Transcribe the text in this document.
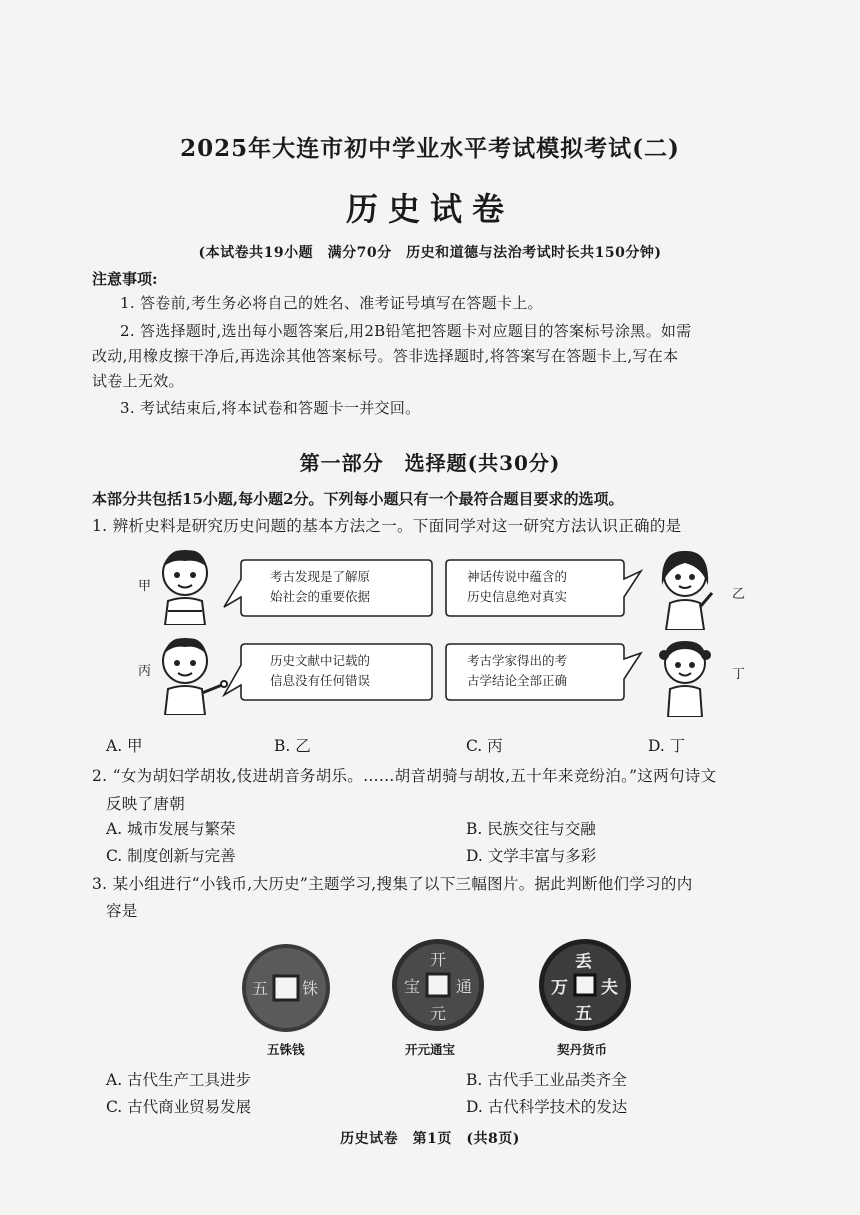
2025年大连市初中学业水平考试模拟考试(二)
历史试卷
(本试卷共19小题　满分70分　历史和道德与法治考试时长共150分钟)
注意事项:
1. 答卷前,考生务必将自己的姓名、准考证号填写在答题卡上。
2. 答选择题时,选出每小题答案后,用2B铅笔把答题卡对应题目的答案标号涂黑。如需
改动,用橡皮擦干净后,再选涂其他答案标号。答非选择题时,将答案写在答题卡上,写在本
试卷上无效。
3. 考试结束后,将本试卷和答题卡一并交回。
第一部分　选择题(共30分)
本部分共包括15小题,每小题2分。下列每小题只有一个最符合题目要求的选项。
1. 辨析史料是研究历史问题的基本方法之一。下面同学对这一研究方法认识正确的是
甲
丙
乙
丁
考古发现是了解原
始社会的重要依据
神话传说中蕴含的
历史信息绝对真实
历史文献中记载的
信息没有任何错误
考古学家得出的考
古学结论全部正确
A. 甲	B. 乙	C. 丙	D. 丁
2. “女为胡妇学胡妆,伎进胡音务胡乐。……胡音胡骑与胡妆,五十年来竞纷泊。”这两句诗文
反映了唐朝
A. 城市发展与繁荣	B. 民族交往与交融
C. 制度创新与完善	D. 文学丰富与多彩
3. 某小组进行“小钱币,大历史”主题学习,搜集了以下三幅图片。据此判断他们学习的内
容是
五 铢
五铢钱
开
元
通
宝
开元通宝
丢
夫
万
五
契丹货币
A. 古代生产工具进步	B. 古代手工业品类齐全
C. 古代商业贸易发展	D. 古代科学技术的发达
历史试卷　第1页　(共8页)
